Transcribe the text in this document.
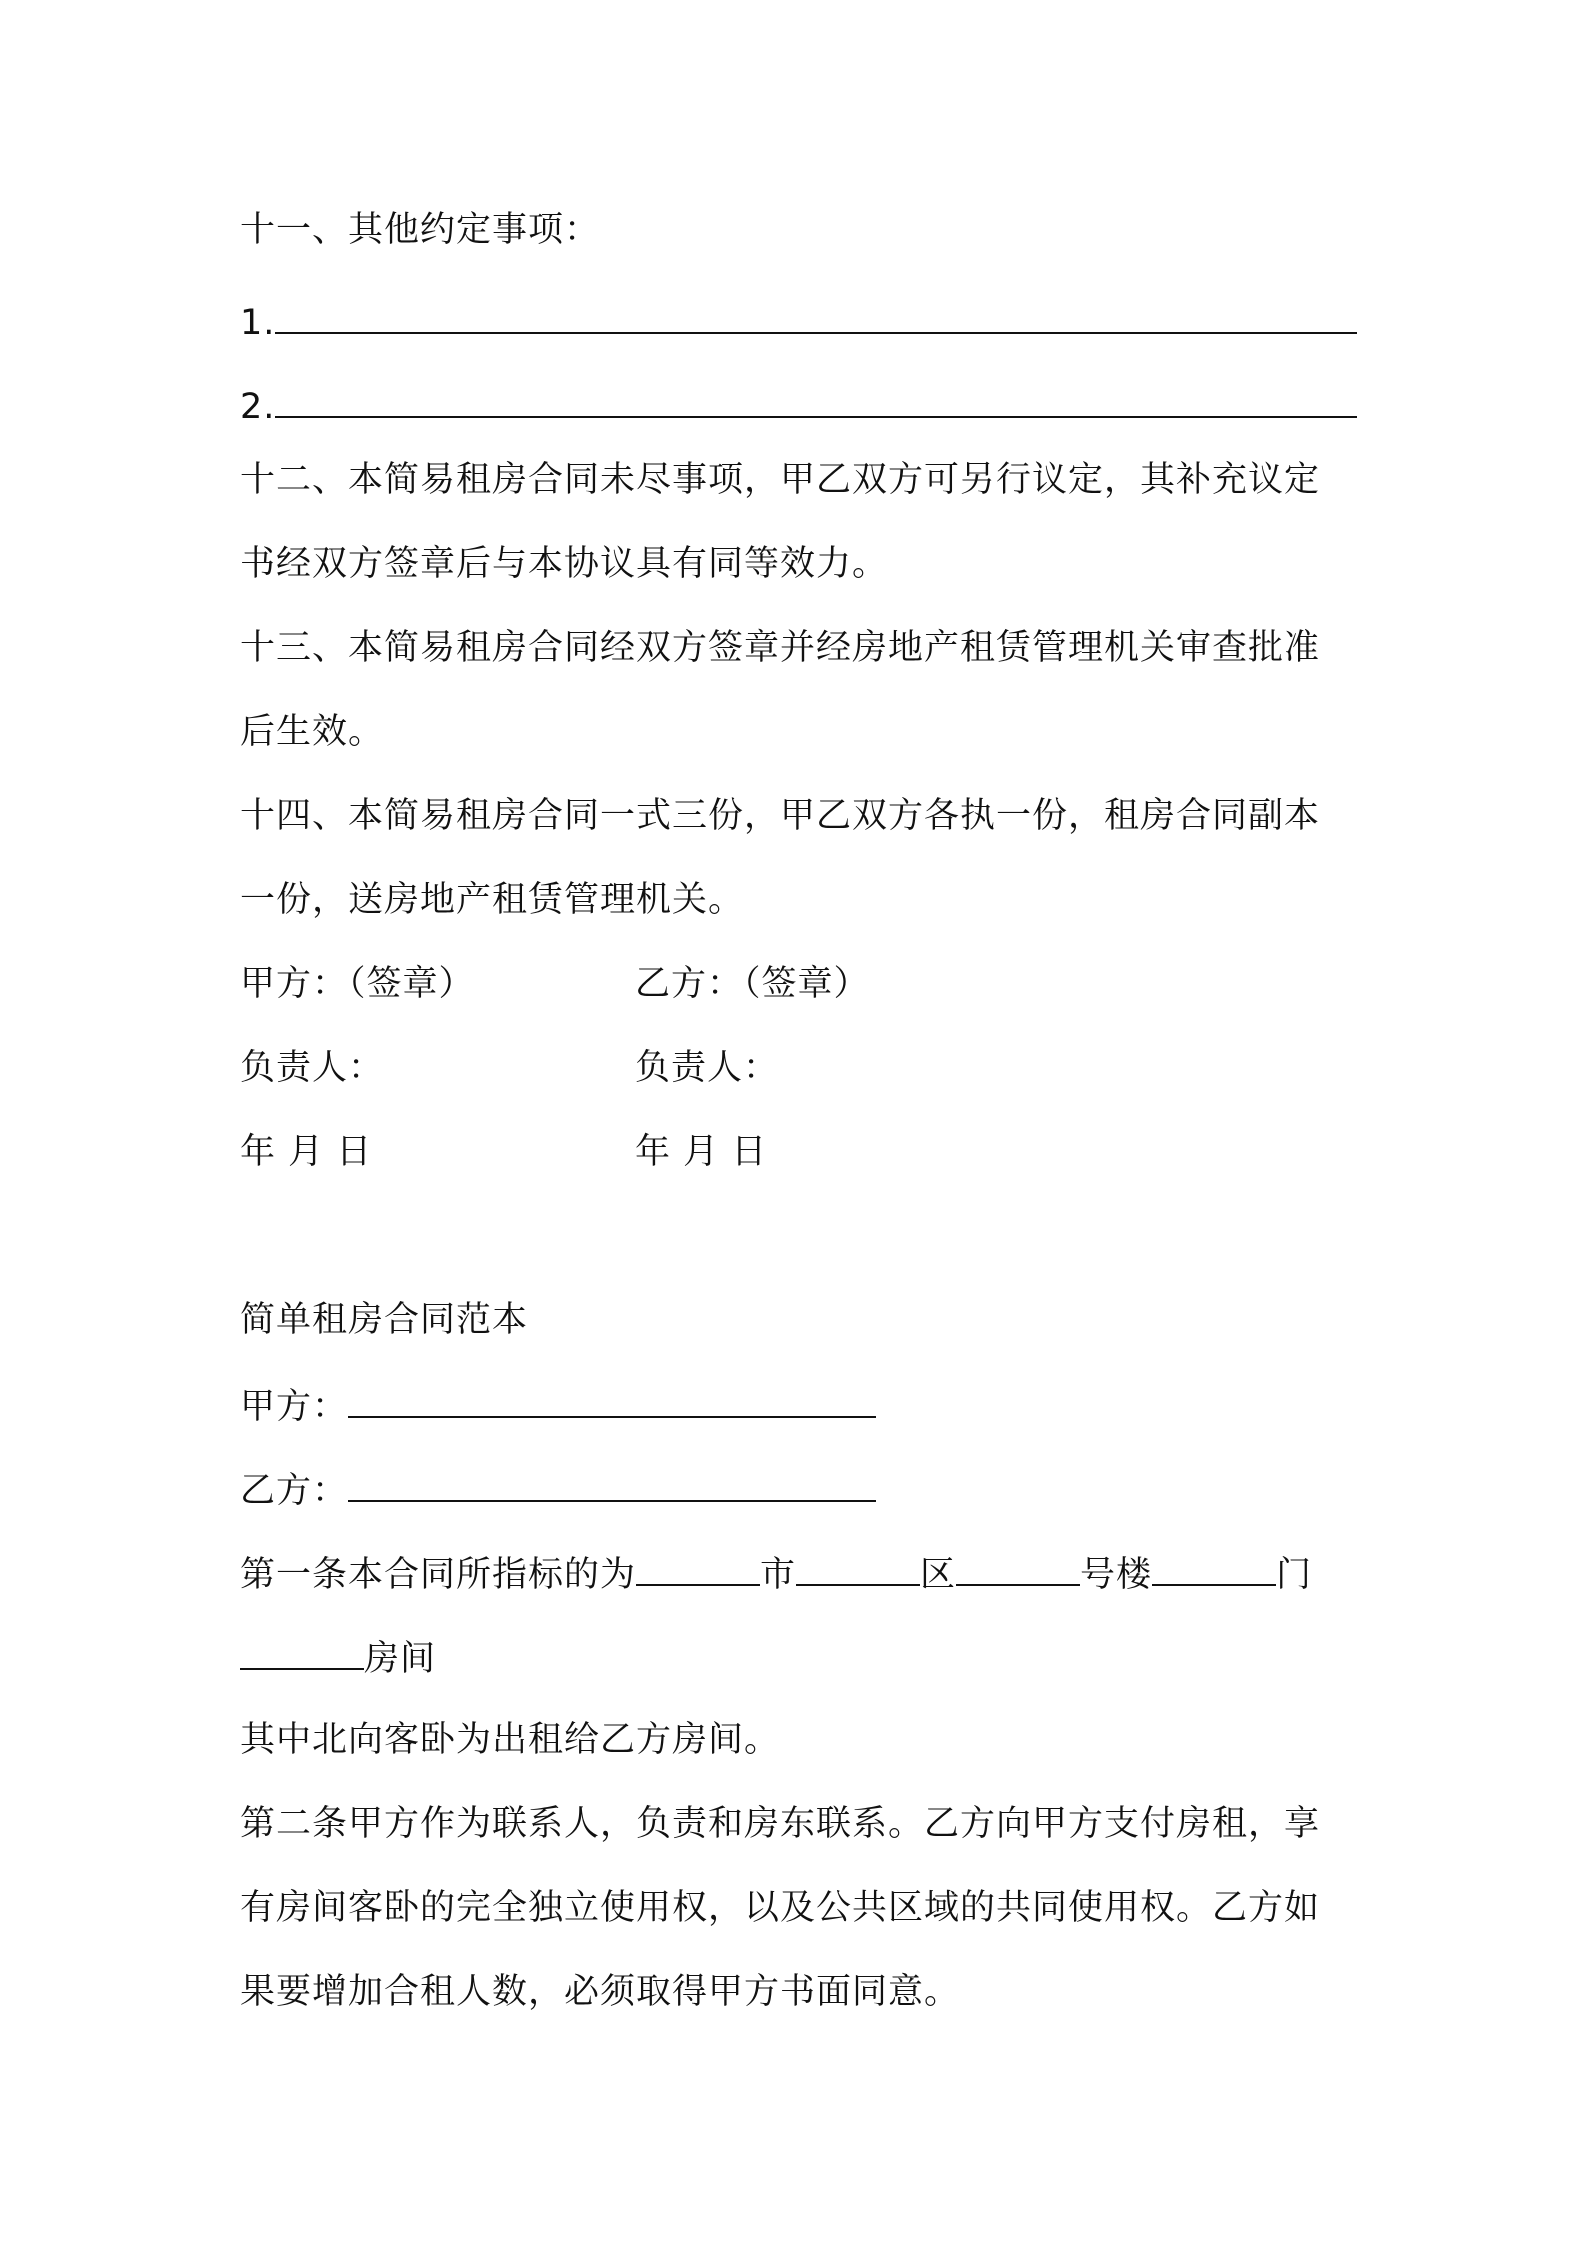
十一、其他约定事项：
1.
2.
十二、本简易租房合同未尽事项，甲乙双方可另行议定，其补充议定
书经双方签章后与本协议具有同等效力。
十三、本简易租房合同经双方签章并经房地产租赁管理机关审查批准
后生效。
十四、本简易租房合同一式三份，甲乙双方各执一份，租房合同副本
一份，送房地产租赁管理机关。
甲方：（签章）	乙方：（签章）
负责人：	负责人：
年 月 日	年 月 日
简单租房合同范本
甲方：
乙方：
第一条本合同所指标的为	市	区	号楼	门
房间
其中北向客卧为出租给乙方房间。
第二条甲方作为联系人，负责和房东联系。乙方向甲方支付房租，享
有房间客卧的完全独立使用权，以及公共区域的共同使用权。乙方如
果要增加合租人数，必须取得甲方书面同意。
